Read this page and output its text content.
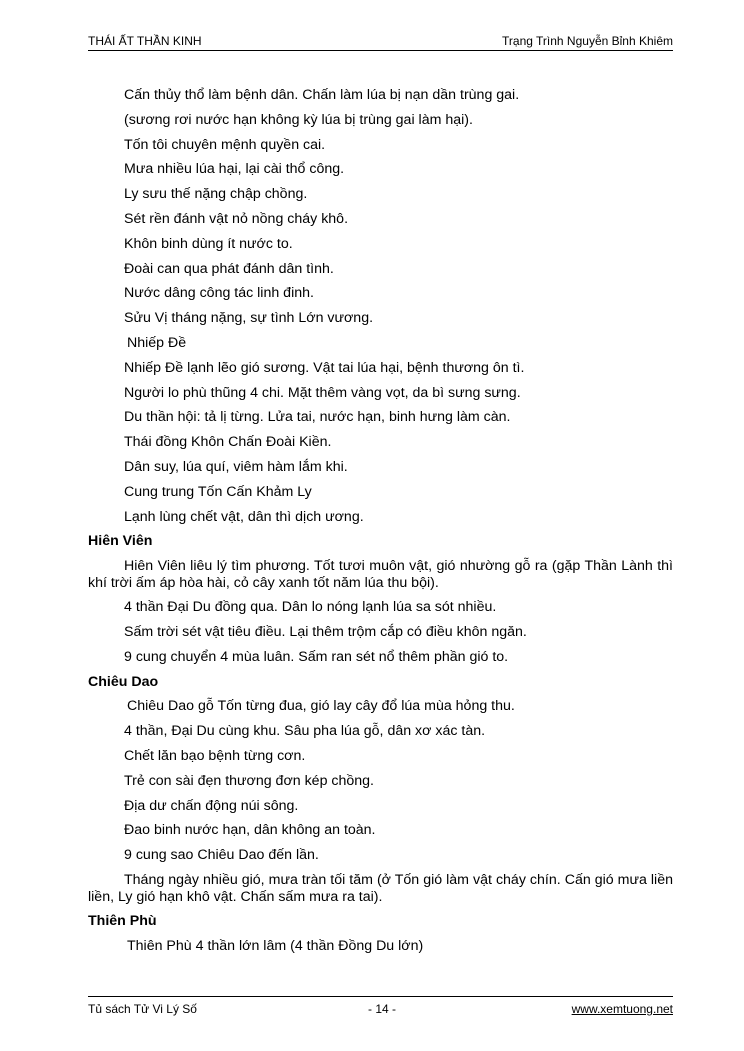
THÁI ẤT THẦN KINH	Trạng Trình Nguyễn Bỉnh Khiêm
Cấn thủy thổ làm bệnh dân. Chấn làm lúa bị nạn dần trùng gai.
(sương rơi nước hạn không kỳ lúa bị trùng gai làm hại).
Tốn tôi chuyên mệnh quyền cai.
Mưa nhiều lúa hại, lại cài thổ công.
Ly sưu thế nặng chập chồng.
Sét rền đánh vật nỏ nồng cháy khô.
Khôn binh dùng ít nước to.
Đoài can qua phát đánh dân tình.
Nước dâng công tác linh đinh.
Sửu Vị tháng nặng, sự tình Lớn vương.
Nhiếp Đề
Nhiếp Đề lạnh lẽo gió sương. Vật tai lúa hại, bệnh thương ôn tì.
Người lo phù thũng 4 chi. Mặt thêm vàng vọt, da bì sưng sưng.
Du thần hội: tả lị từng. Lửa tai, nước hạn, binh hưng làm càn.
Thái đồng Khôn Chấn Đoài Kiền.
Dân suy, lúa quí, viêm hàm lắm khi.
Cung trung Tốn Cấn Khảm Ly
Lạnh lùng chết vật, dân thì dịch ương.
Hiên Viên
Hiên Viên liêu lý tìm phương. Tốt tươi muôn vật, gió nhường gỗ ra (gặp Thần Lành thì khí trời ấm áp hòa hài, cỏ cây xanh tốt năm lúa thu bội).
4 thần Đại Du đồng qua. Dân lo nóng lạnh lúa sa sót nhiều.
Sấm trời sét vật tiêu điều. Lại thêm trộm cắp có điều khôn ngăn.
9 cung chuyển 4 mùa luân. Sấm ran sét nổ thêm phần gió to.
Chiêu Dao
Chiêu Dao gỗ Tốn từng đua, gió lay cây đổ lúa mùa hỏng thu.
4 thần, Đại Du cùng khu. Sâu pha lúa gỗ, dân xơ xác tàn.
Chết lăn bạo bệnh từng cơn.
Trẻ con sài đẹn thương đơn kép chồng.
Địa dư chấn động núi sông.
Đao binh nước hạn, dân không an toàn.
9 cung sao Chiêu Dao đến lần.
Tháng ngày nhiều gió, mưa tràn tối tăm (ở Tốn gió làm vật cháy chín. Cấn gió mưa liền liền, Ly gió hạn khô vật. Chấn sấm mưa ra tai).
Thiên Phù
Thiên Phù 4 thần lớn lâm (4 thần Đồng Du lớn)
Tủ sách Tử Vi Lý Số	- 14 -	www.xemtuong.net
